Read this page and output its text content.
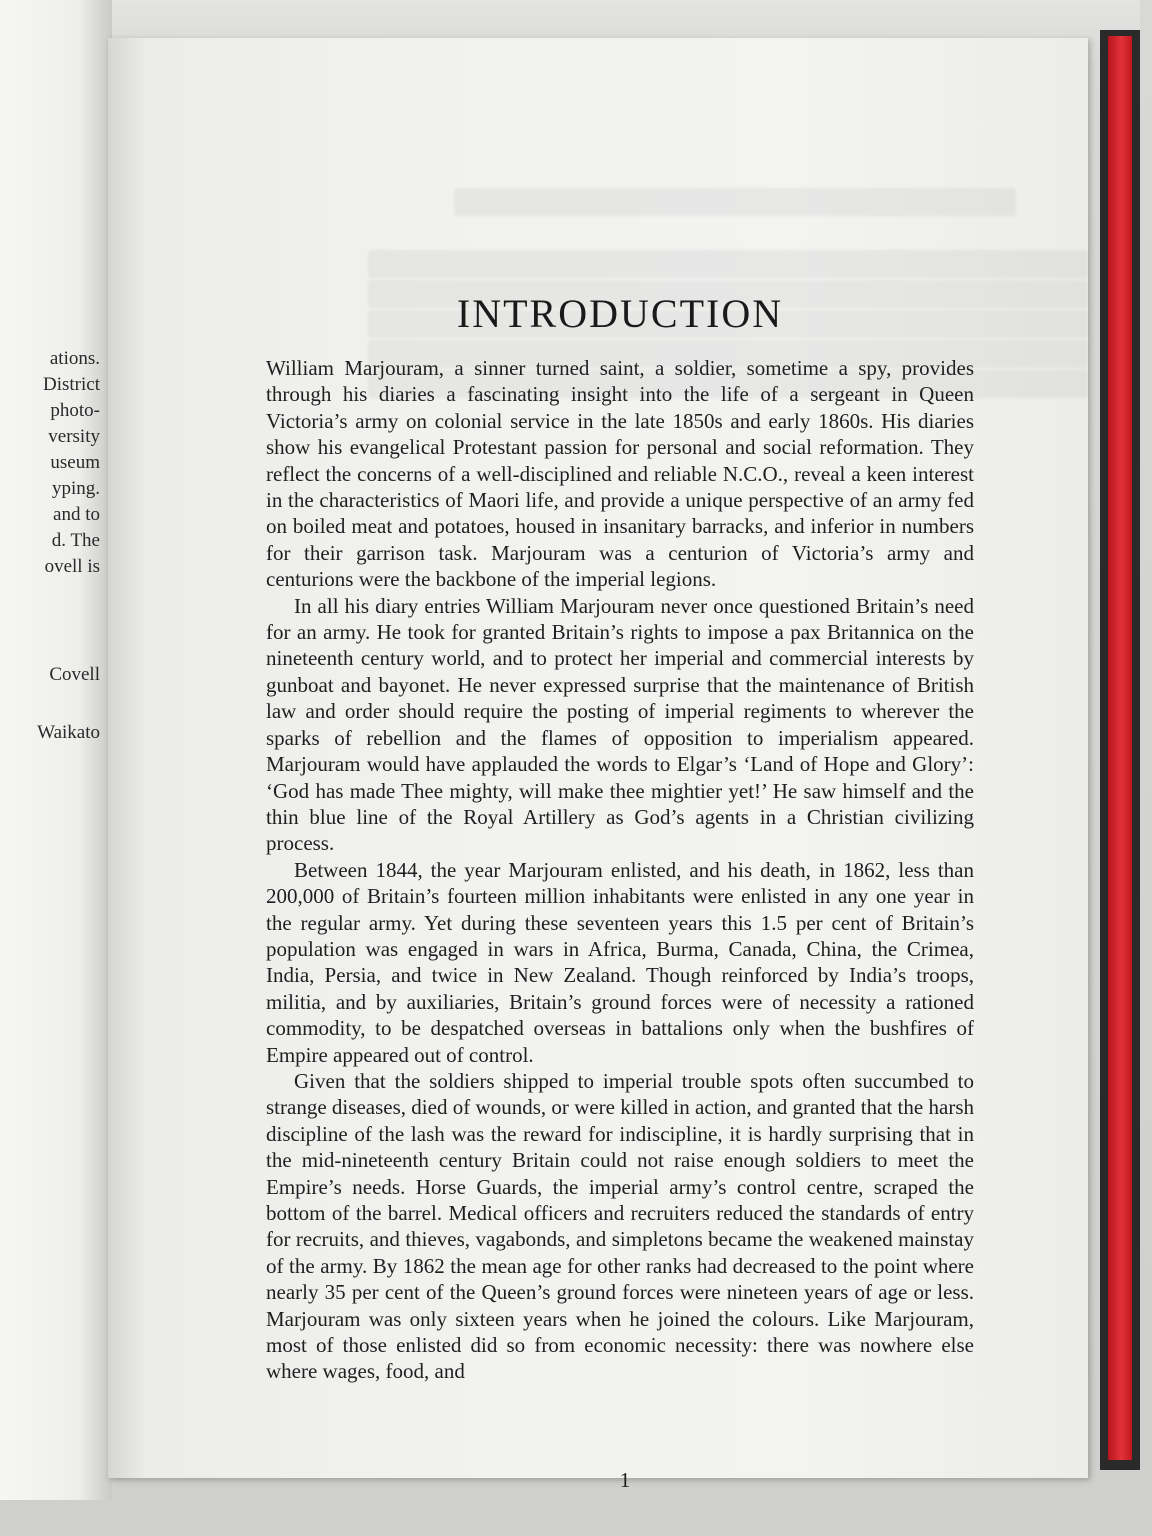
ations.
District
photo-
versity
useum
yping.
and to
d. The
ovell is
Covell
Waikato
INTRODUCTION

William Marjouram, a sinner turned saint, a soldier, sometime a spy, provides through his diaries a fascinating insight into the life of a sergeant in Queen Victoria’s army on colonial service in the late 1850s and early 1860s. His diaries show his evangelical Protestant passion for personal and social reformation. They reflect the concerns of a well-disciplined and reliable N.C.O., reveal a keen interest in the characteristics of Maori life, and provide a unique perspective of an army fed on boiled meat and potatoes, housed in insanitary barracks, and inferior in numbers for their garrison task. Marjouram was a centurion of Victoria’s army and centurions were the backbone of the imperial legions.

In all his diary entries William Marjouram never once questioned Britain’s need for an army. He took for granted Britain’s rights to impose a pax Britannica on the nineteenth century world, and to protect her imperial and commercial interests by gunboat and bayonet. He never expressed surprise that the maintenance of British law and order should require the posting of imperial regiments to wherever the sparks of rebellion and the flames of opposition to imperialism appeared. Marjouram would have applauded the words to Elgar’s ‘Land of Hope and Glory’: ‘God has made Thee mighty, will make thee mightier yet!’ He saw himself and the thin blue line of the Royal Artillery as God’s agents in a Christian civilizing process.

Between 1844, the year Marjouram enlisted, and his death, in 1862, less than 200,000 of Britain’s fourteen million inhabitants were enlisted in any one year in the regular army. Yet during these seventeen years this 1.5 per cent of Britain’s population was engaged in wars in Africa, Burma, Canada, China, the Crimea, India, Persia, and twice in New Zealand. Though reinforced by India’s troops, militia, and by auxiliaries, Britain’s ground forces were of necessity a rationed commodity, to be despatched overseas in battalions only when the bushfires of Empire appeared out of control.

Given that the soldiers shipped to imperial trouble spots often succumbed to strange diseases, died of wounds, or were killed in action, and granted that the harsh discipline of the lash was the reward for indiscipline, it is hardly surprising that in the mid-nineteenth century Britain could not raise enough soldiers to meet the Empire’s needs. Horse Guards, the imperial army’s control centre, scraped the bottom of the barrel. Medical officers and recruiters reduced the standards of entry for recruits, and thieves, vagabonds, and simpletons became the weakened mainstay of the army. By 1862 the mean age for other ranks had decreased to the point where nearly 35 per cent of the Queen’s ground forces were nineteen years of age or less. Marjouram was only sixteen years when he joined the colours. Like Marjouram, most of those enlisted did so from economic necessity: there was nowhere else where wages, food, and

1
